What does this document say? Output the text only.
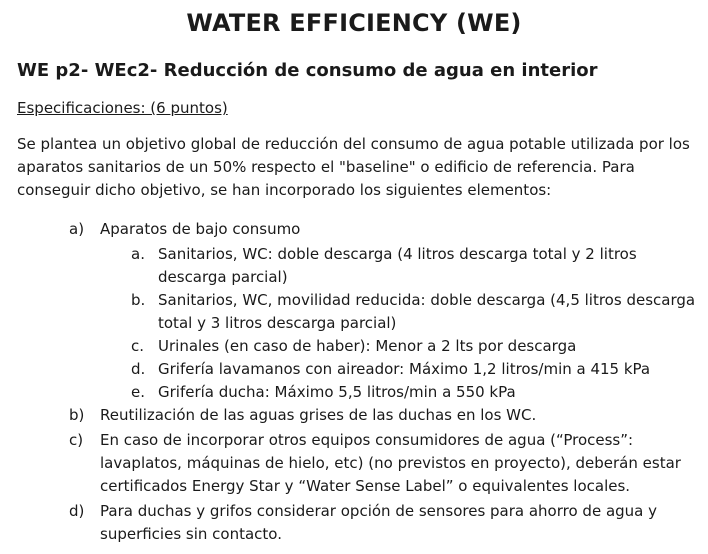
WATER EFFICIENCY (WE)
WE p2- WEc2- Reducción de consumo de agua en interior
Especificaciones: (6 puntos)
Se plantea un objetivo global de reducción del consumo de agua potable utilizada por los aparatos sanitarios de un 50% respecto el "baseline" o edificio de referencia. Para conseguir dicho objetivo, se han incorporado los siguientes elementos:
a) Aparatos de bajo consumo
a. Sanitarios, WC: doble descarga (4 litros descarga total y 2 litros descarga parcial)
b. Sanitarios, WC, movilidad reducida: doble descarga (4,5 litros descarga total y 3 litros descarga parcial)
c. Urinales (en caso de haber): Menor a 2 lts por descarga
d. Grifería lavamanos con aireador: Máximo 1,2 litros/min a 415 kPa
e. Grifería ducha: Máximo 5,5 litros/min a 550 kPa
b) Reutilización de las aguas grises de las duchas en los WC.
c) En caso de incorporar otros equipos consumidores de agua (“Process”: lavaplatos, máquinas de hielo, etc) (no previstos en proyecto), deberán estar certificados Energy Star y “Water Sense Label” o equivalentes locales.
d) Para duchas y grifos considerar opción de sensores para ahorro de agua y superficies sin contacto.
